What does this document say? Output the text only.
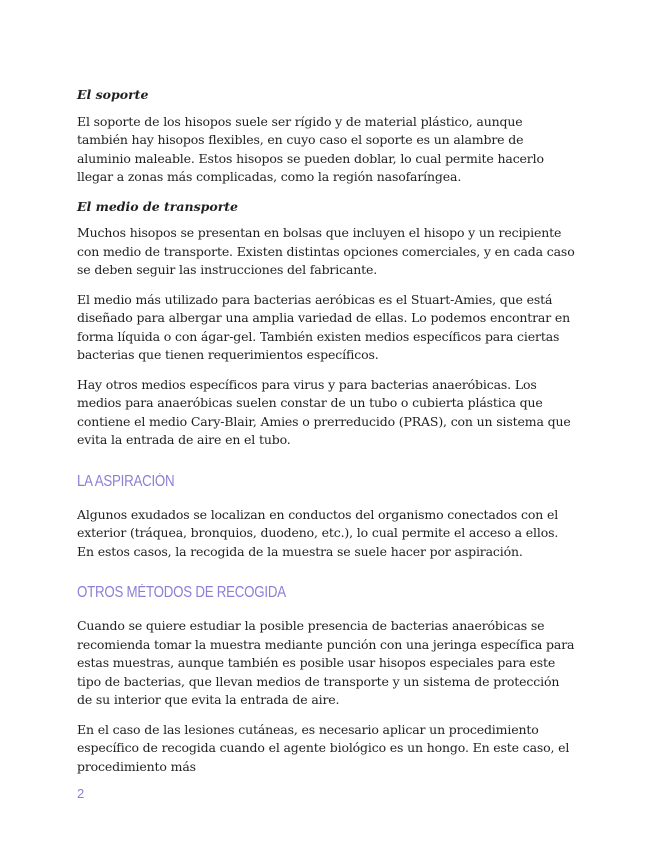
El soporte

El soporte de los hisopos suele ser rígido y de material plástico, aunque también hay hisopos flexibles, en cuyo caso el soporte es un alambre de aluminio maleable. Estos hisopos se pueden doblar, lo cual permite hacerlo llegar a zonas más complicadas, como la región nasofaríngea.

El medio de transporte

Muchos hisopos se presentan en bolsas que incluyen el hisopo y un recipiente con medio de transporte. Existen distintas opciones comerciales, y en cada caso se deben seguir las instrucciones del fabricante.

El medio más utilizado para bacterias aeróbicas es el Stuart-Amies, que está diseñado para albergar una amplia variedad de ellas. Lo podemos encontrar en forma líquida o con ágar-gel. También existen medios específicos para ciertas bacterias que tienen requerimientos específicos.

Hay otros medios específicos para virus y para bacterias anaeróbicas. Los medios para anaeróbicas suelen constar de un tubo o cubierta plástica que contiene el medio Cary-Blair, Amies o prerreducido (PRAS), con un sistema que evita la entrada de aire en el tubo.

LA ASPIRACIÓN

Algunos exudados se localizan en conductos del organismo conectados con el exterior (tráquea, bronquios, duodeno, etc.), lo cual permite el acceso a ellos. En estos casos, la recogida de la muestra se suele hacer por aspiración.

OTROS MÉTODOS DE RECOGIDA

Cuando se quiere estudiar la posible presencia de bacterias anaeróbicas se recomienda tomar la muestra mediante punción con una jeringa específica para estas muestras, aunque también es posible usar hisopos especiales para este tipo de bacterias, que llevan medios de transporte y un sistema de protección de su interior que evita la entrada de aire.

En el caso de las lesiones cutáneas, es necesario aplicar un procedimiento específico de recogida cuando el agente biológico es un hongo. En este caso, el procedimiento más

2
